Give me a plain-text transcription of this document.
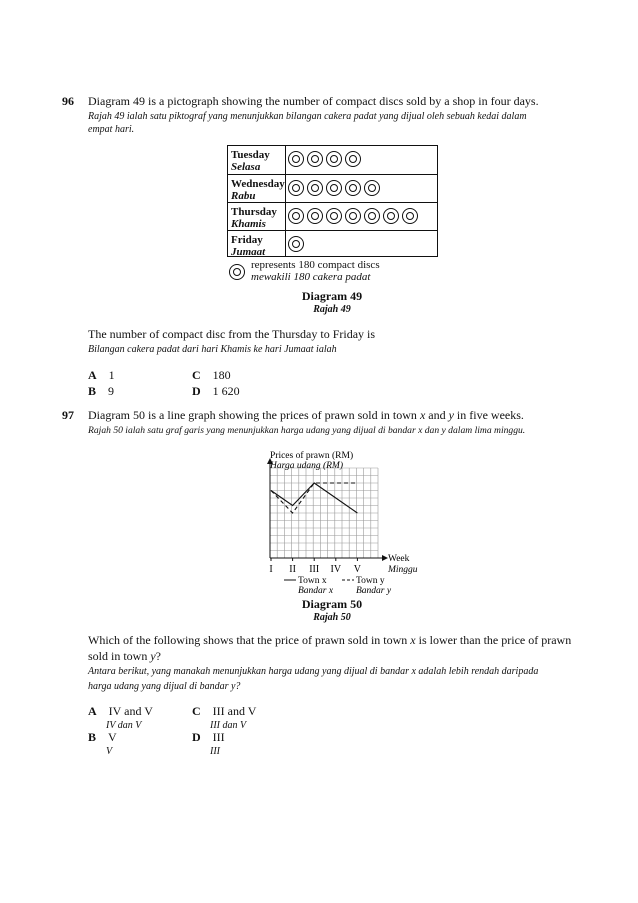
96 Diagram 49 is a pictograph showing the number of compact discs sold by a shop in four days.
Rajah 49 ialah satu piktograf yang menunjukkan bilangan cakera padat yang dijual oleh sebuah kedai dalam
empat hari.
Tuesday
Selasa
Wednesday
Rabu
Thursday
Khamis
Friday
Jumaat
represents 180 compact discs
mewakili 180 cakera padat
Diagram 49
Rajah 49
The number of compact disc from the Thursday to Friday is
Bilangan cakera padat dari hari Khamis ke hari Jumaat ialah
A 1
B 9
C 180
D 1 620
97 Diagram 50 is a line graph showing the prices of prawn sold in town x and y in five weeks.
Rajah 50 ialah satu graf garis yang menunjukkan harga udang yang dijual di bandar x dan y dalam lima minggu.
I II III IV V
Prices of prawn (RM)
Harga udang (RM)
Week
Minggu
Town x
Bandar x
Town y
Bandar y
Diagram 50
Rajah 50
Which of the following shows that the price of prawn sold in town x is lower than the price of prawn
sold in town y?
Antara berikut, yang manakah menunjukkan harga udang yang dijual di bandar x adalah lebih rendah daripada
harga udang yang dijual di bandar y?
A IV and V
IV dan V
B V
V
C III and V
III dan V
D III
III
